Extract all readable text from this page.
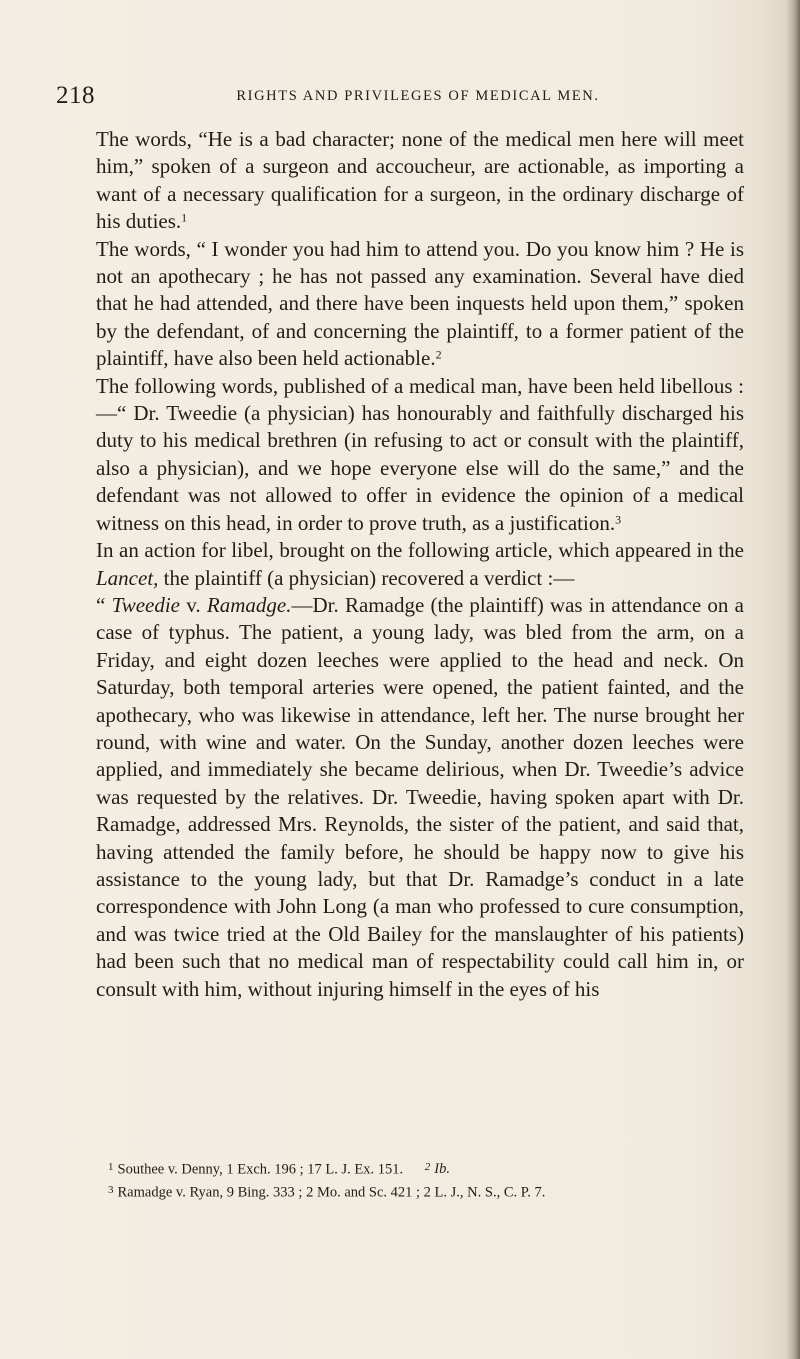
218	RIGHTS AND PRIVILEGES OF MEDICAL MEN.

The words, “He is a bad character; none of the medical men here will meet him,” spoken of a surgeon and accoucheur, are actionable, as importing a want of a necessary qualification for a surgeon, in the ordinary discharge of his duties.$^1$

The words, “ I wonder you had him to attend you. Do you know him ? He is not an apothecary ; he has not passed any examination. Several have died that he had attended, and there have been inquests held upon them,” spoken by the defendant, of and concerning the plaintiff, to a former patient of the plaintiff, have also been held actionable.$^2$

The following words, published of a medical man, have been held libellous :—“ Dr. Tweedie (a physician) has honourably and faithfully discharged his duty to his medical brethren (in refusing to act or consult with the plaintiff, also a physician), and we hope everyone else will do the same,” and the defendant was not allowed to offer in evidence the opinion of a medical witness on this head, in order to prove truth, as a justification.$^3$

In an action for libel, brought on the following article, which appeared in the Lancet, the plaintiff (a physician) recovered a verdict :—

“ Tweedie v. Ramadge.—Dr. Ramadge (the plaintiff) was in attendance on a case of typhus. The patient, a young lady, was bled from the arm, on a Friday, and eight dozen leeches were applied to the head and neck. On Saturday, both temporal arteries were opened, the patient fainted, and the apothecary, who was likewise in attendance, left her. The nurse brought her round, with wine and water. On the Sunday, another dozen leeches were applied, and immediately she became delirious, when Dr. Tweedie’s advice was requested by the relatives. Dr. Tweedie, having spoken apart with Dr. Ramadge, addressed Mrs. Reynolds, the sister of the patient, and said that, having attended the family before, he should be happy now to give his assistance to the young lady, but that Dr. Ramadge’s conduct in a late correspondence with John Long (a man who professed to cure consumption, and was twice tried at the Old Bailey for the manslaughter of his patients) had been such that no medical man of respectability could call him in, or consult with him, without injuring himself in the eyes of his

$^1$ Southee v. Denny, 1 Exch. 196 ; 17 L. J. Ex. 151. $^2$ Ib.
$^3$ Ramadge v. Ryan, 9 Bing. 333 ; 2 Mo. and Sc. 421 ; 2 L. J., N. S., C. P. 7.
